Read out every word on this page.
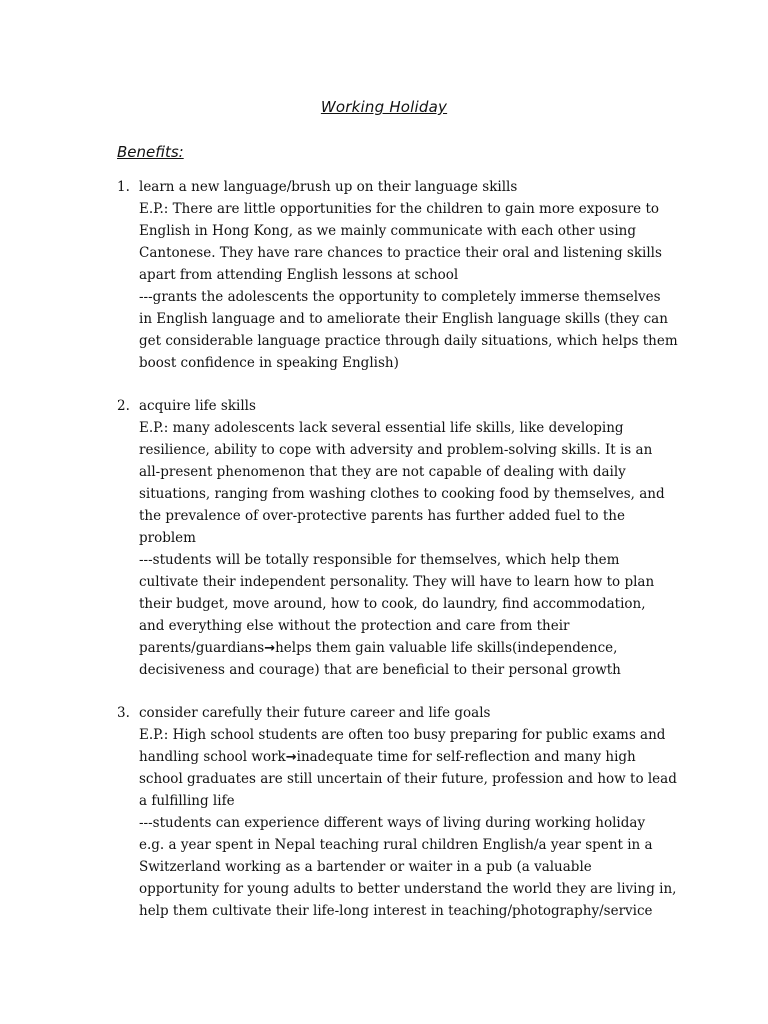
Working Holiday
Benefits:
1. learn a new language/brush up on their language skills
E.P.: There are little opportunities for the children to gain more exposure to
English in Hong Kong, as we mainly communicate with each other using
Cantonese. They have rare chances to practice their oral and listening skills
apart from attending English lessons at school
---grants the adolescents the opportunity to completely immerse themselves
in English language and to ameliorate their English language skills (they can
get considerable language practice through daily situations, which helps them
boost confidence in speaking English)
2. acquire life skills
E.P.: many adolescents lack several essential life skills, like developing
resilience, ability to cope with adversity and problem-solving skills. It is an
all-present phenomenon that they are not capable of dealing with daily
situations, ranging from washing clothes to cooking food by themselves, and
the prevalence of over-protective parents has further added fuel to the
problem
---students will be totally responsible for themselves, which help them
cultivate their independent personality. They will have to learn how to plan
their budget, move around, how to cook, do laundry, find accommodation,
and everything else without the protection and care from their
parents/guardians→helps them gain valuable life skills(independence,
decisiveness and courage) that are beneficial to their personal growth
3. consider carefully their future career and life goals
E.P.: High school students are often too busy preparing for public exams and
handling school work→inadequate time for self-reflection and many high
school graduates are still uncertain of their future, profession and how to lead
a fulfilling life
---students can experience different ways of living during working holiday
e.g. a year spent in Nepal teaching rural children English/a year spent in a
Switzerland working as a bartender or waiter in a pub (a valuable
opportunity for young adults to better understand the world they are living in,
help them cultivate their life-long interest in teaching/photography/service
